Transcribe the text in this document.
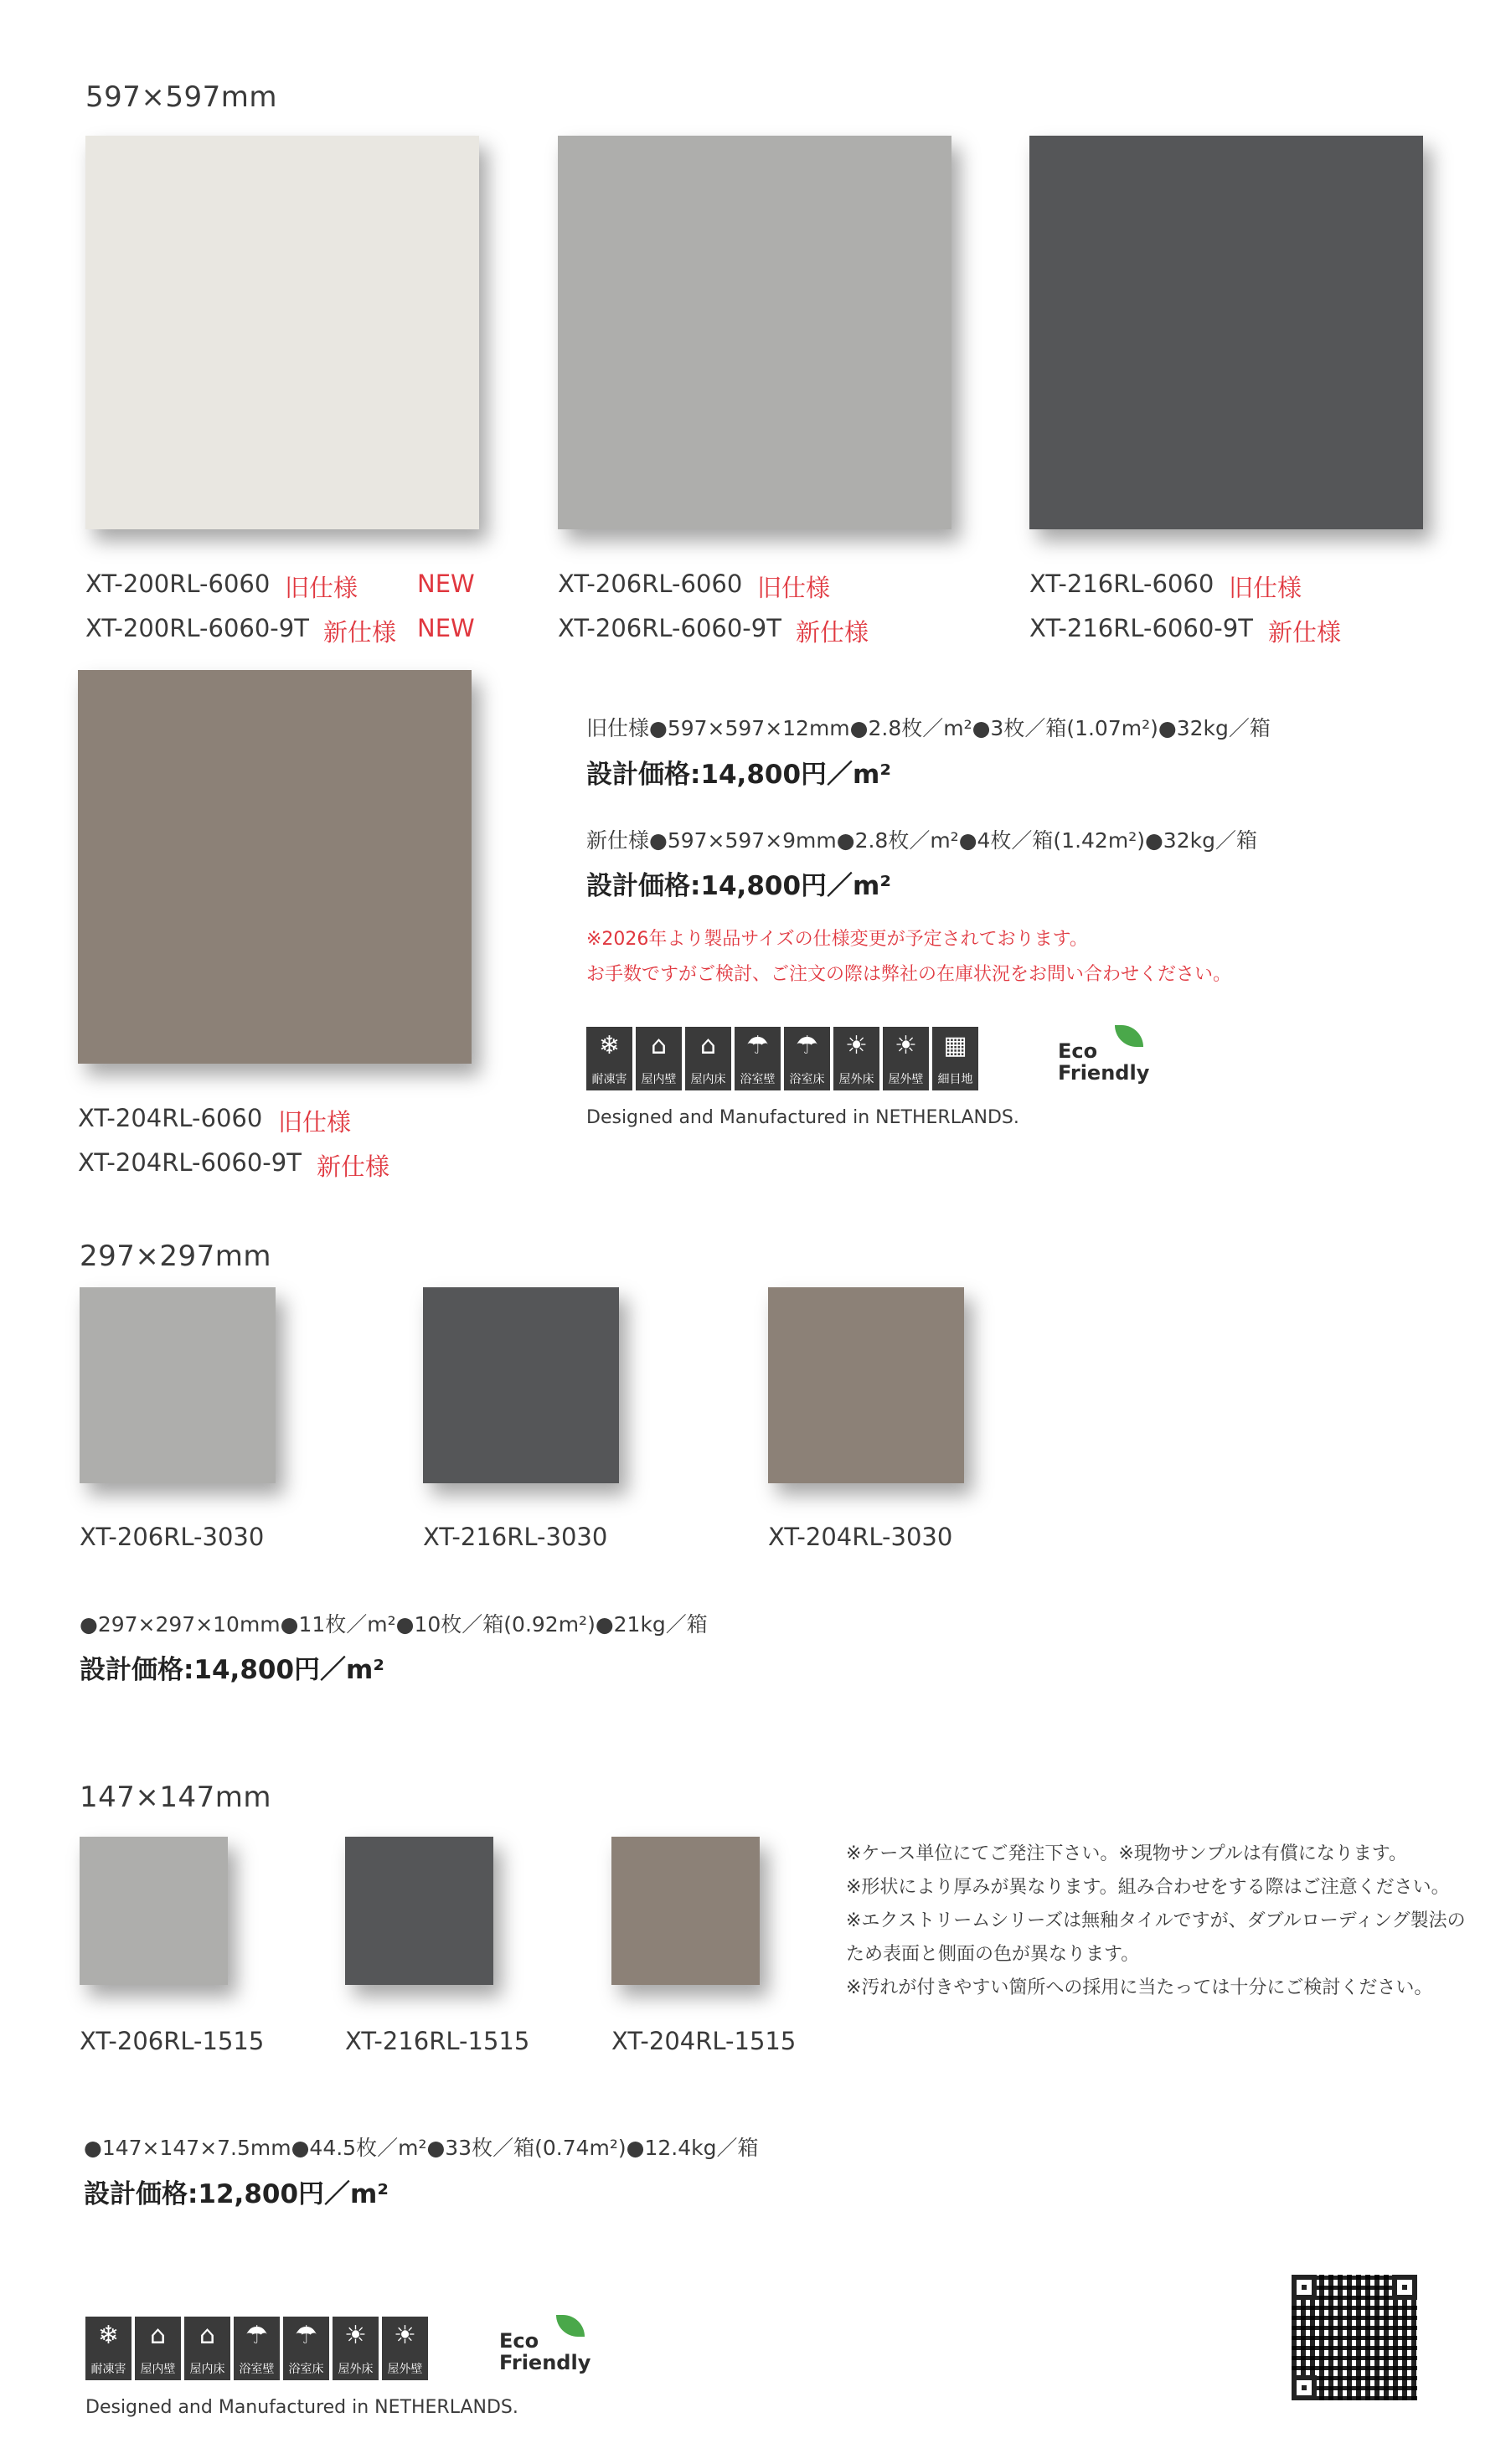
597×597mm
XT-200RL-6060 旧仕様 NEW
XT-200RL-6060-9T 新仕様 NEW
XT-206RL-6060 旧仕様
XT-206RL-6060-9T 新仕様
XT-216RL-6060 旧仕様
XT-216RL-6060-9T 新仕様
XT-204RL-6060 旧仕様
XT-204RL-6060-9T 新仕様
旧仕様●597×597×12mm●2.8枚／m²●3枚／箱(1.07m²)●32kg／箱
設計価格:14,800円／m²
新仕様●597×597×9mm●2.8枚／m²●4枚／箱(1.42m²)●32kg／箱
設計価格:14,800円／m²
※2026年より製品サイズの仕様変更が予定されております。
お手数ですがご検討、ご注文の際は弊社の在庫状況をお問い合わせください。
❄
耐凍害
⌂
屋内壁
⌂
屋内床
☂
浴室壁
☂
浴室床
☀
屋外床
☀
屋外壁
▦
細目地
Eco
Friendly
Designed and Manufactured in NETHERLANDS.
297×297mm
XT-206RL-3030	XT-216RL-3030	XT-204RL-3030
●297×297×10mm●11枚／m²●10枚／箱(0.92m²)●21kg／箱
設計価格:14,800円／m²
147×147mm
XT-206RL-1515	XT-216RL-1515	XT-204RL-1515
●147×147×7.5mm●44.5枚／m²●33枚／箱(0.74m²)●12.4kg／箱
設計価格:12,800円／m²
※ケース単位にてご発注下さい。※現物サンプルは有償になります。
※形状により厚みが異なります。組み合わせをする際はご注意ください。
※エクストリームシリーズは無釉タイルですが、ダブルローディング製法の
ため表面と側面の色が異なります。
※汚れが付きやすい箇所への採用に当たっては十分にご検討ください。
❄
耐凍害
⌂
屋内壁
⌂
屋内床
☂
浴室壁
☂
浴室床
☀
屋外床
☀
屋外壁
Eco
Friendly
Designed and Manufactured in NETHERLANDS.
